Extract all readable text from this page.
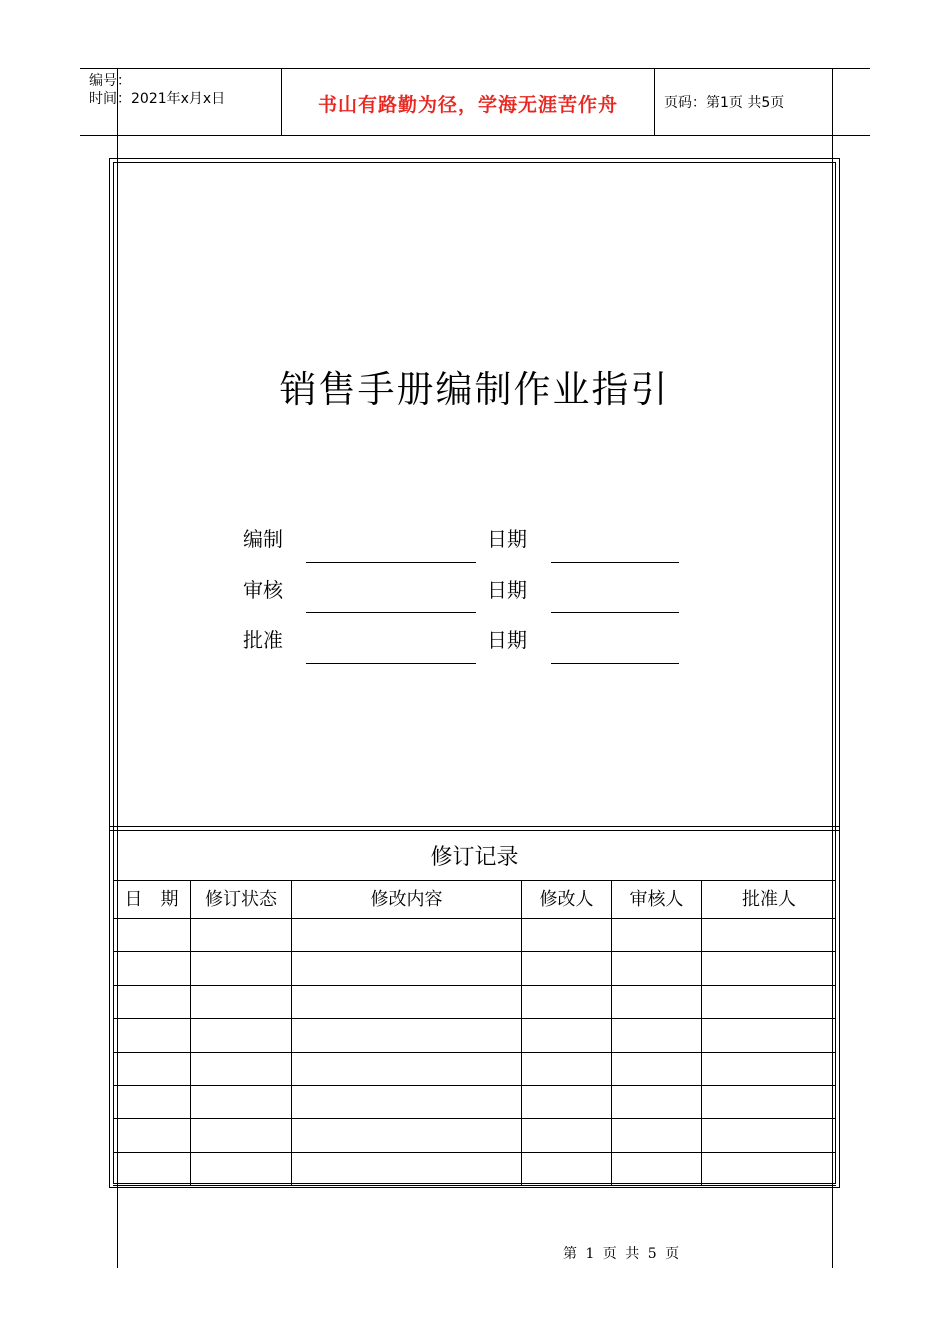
编号：
时间：2021年x月x日	书山有路勤为径，学海无涯苦作舟	页码：第1页 共5页
销售手册编制作业指引
编制	日期
审核	日期
批准	日期
修订记录
日　期	修订状态	修改内容	修改人	审核人	批准人
第 1 页 共 5 页
